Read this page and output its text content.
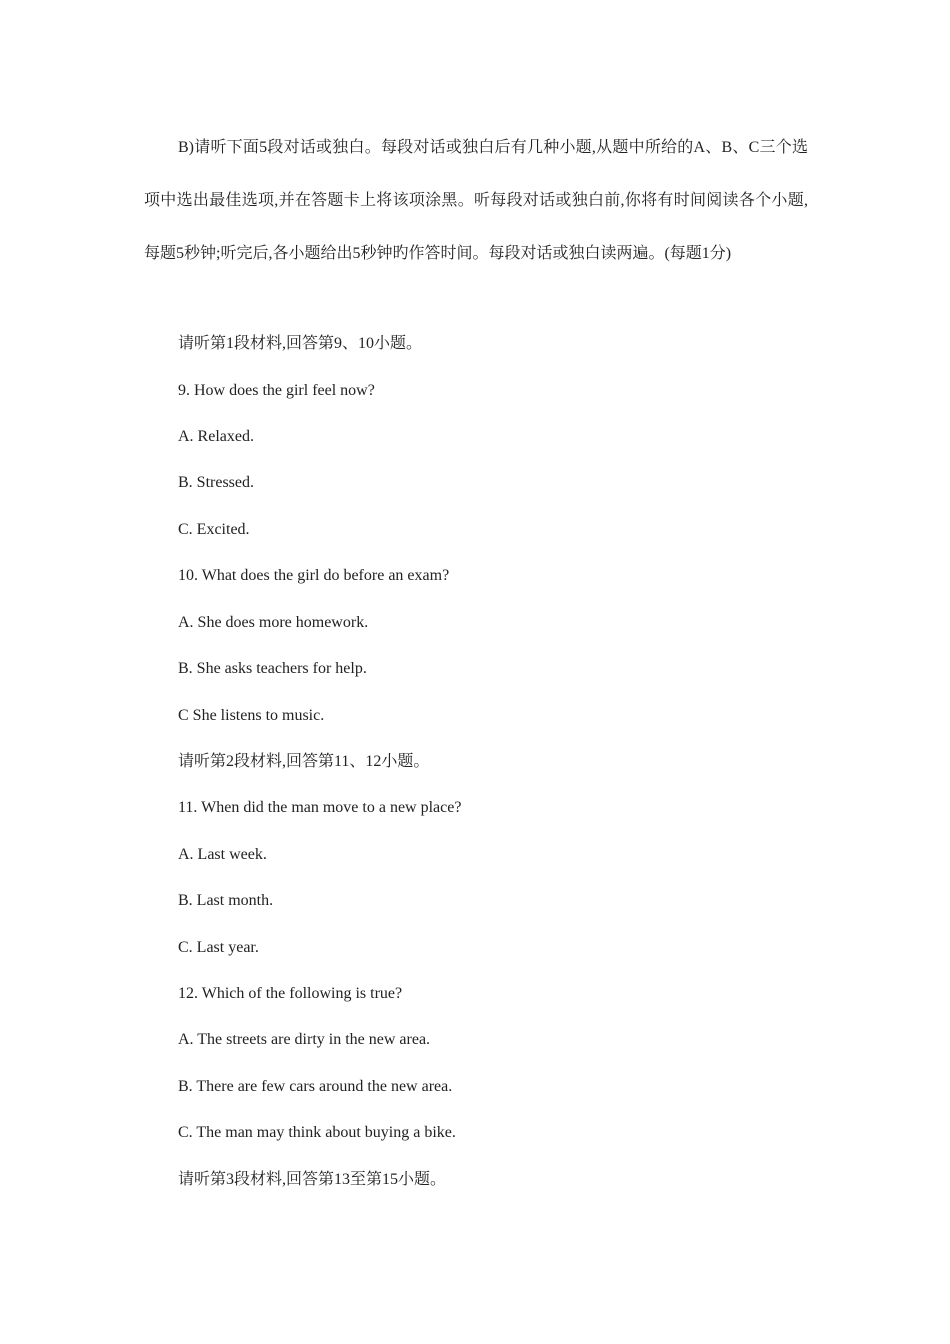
B)请听下面5段对话或独白。每段对话或独白后有几种小题,从题中所给的A、B、C三个选项中选出最佳选项,并在答题卡上将该项涂黑。听每段对话或独白前,你将有时间阅读各个小题,每题5秒钟;听完后,各小题给出5秒钟旳作答时间。每段对话或独白读两遍。(每题1分)

请听第1段材料,回答第9、10小题。

9. How does the girl feel now?

A. Relaxed.

B. Stressed.

C. Excited.

10. What does the girl do before an exam?

A. She does more homework.

B. She asks teachers for help.

C She listens to music.

请听第2段材料,回答第11、12小题。

11. When did the man move to a new place?

A. Last week.

B. Last month.

C. Last year.

12. Which of the following is true?

A. The streets are dirty in the new area.

B. There are few cars around the new area.

C. The man may think about buying a bike.

请听第3段材料,回答第13至第15小题。
